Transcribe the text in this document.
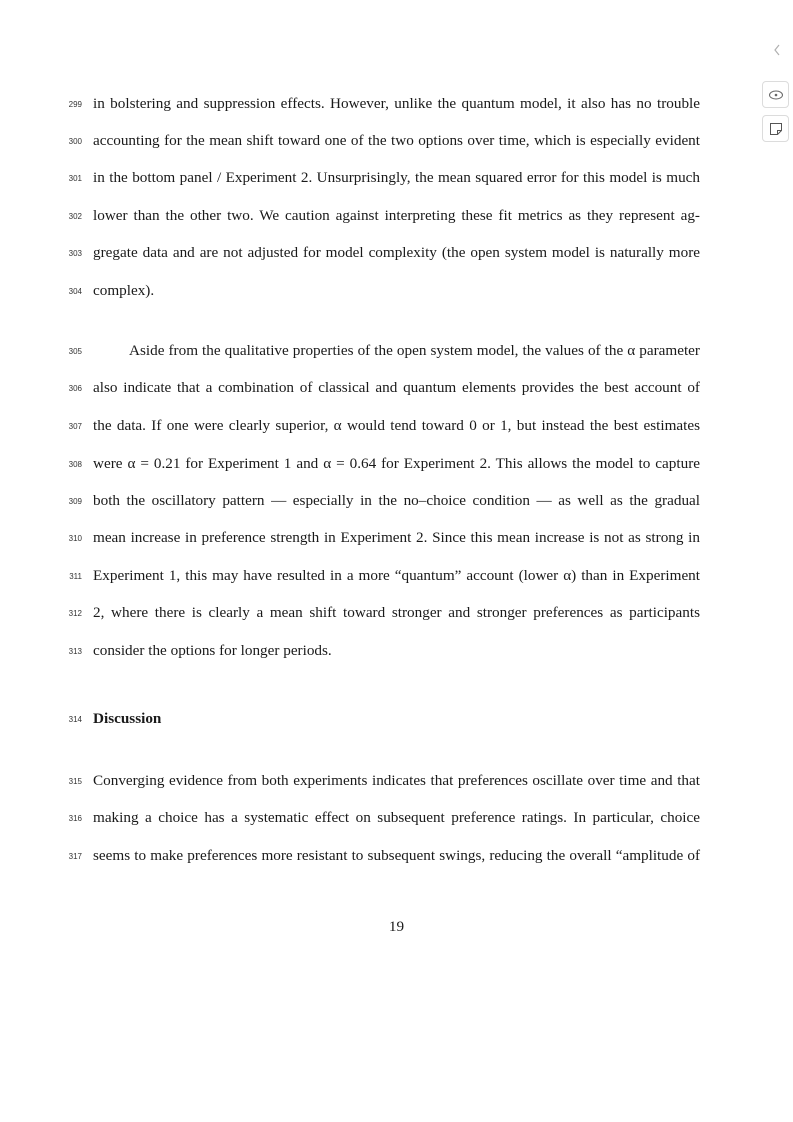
299 in bolstering and suppression effects. However, unlike the quantum model, it also has no trouble
300 accounting for the mean shift toward one of the two options over time, which is especially evident
301 in the bottom panel / Experiment 2. Unsurprisingly, the mean squared error for this model is much
302 lower than the other two. We caution against interpreting these fit metrics as they represent ag-
303 gregate data and are not adjusted for model complexity (the open system model is naturally more
304 complex).
305	Aside from the qualitative properties of the open system model, the values of the α parameter
306 also indicate that a combination of classical and quantum elements provides the best account of
307 the data. If one were clearly superior, α would tend toward 0 or 1, but instead the best estimates
308 were α = 0.21 for Experiment 1 and α = 0.64 for Experiment 2. This allows the model to capture
309 both the oscillatory pattern — especially in the no–choice condition — as well as the gradual
310 mean increase in preference strength in Experiment 2. Since this mean increase is not as strong in
311 Experiment 1, this may have resulted in a more “quantum” account (lower α) than in Experiment
312 2, where there is clearly a mean shift toward stronger and stronger preferences as participants
313 consider the options for longer periods.
314 Discussion
315 Converging evidence from both experiments indicates that preferences oscillate over time and that
316 making a choice has a systematic effect on subsequent preference ratings. In particular, choice
317 seems to make preferences more resistant to subsequent swings, reducing the overall “amplitude of
19
